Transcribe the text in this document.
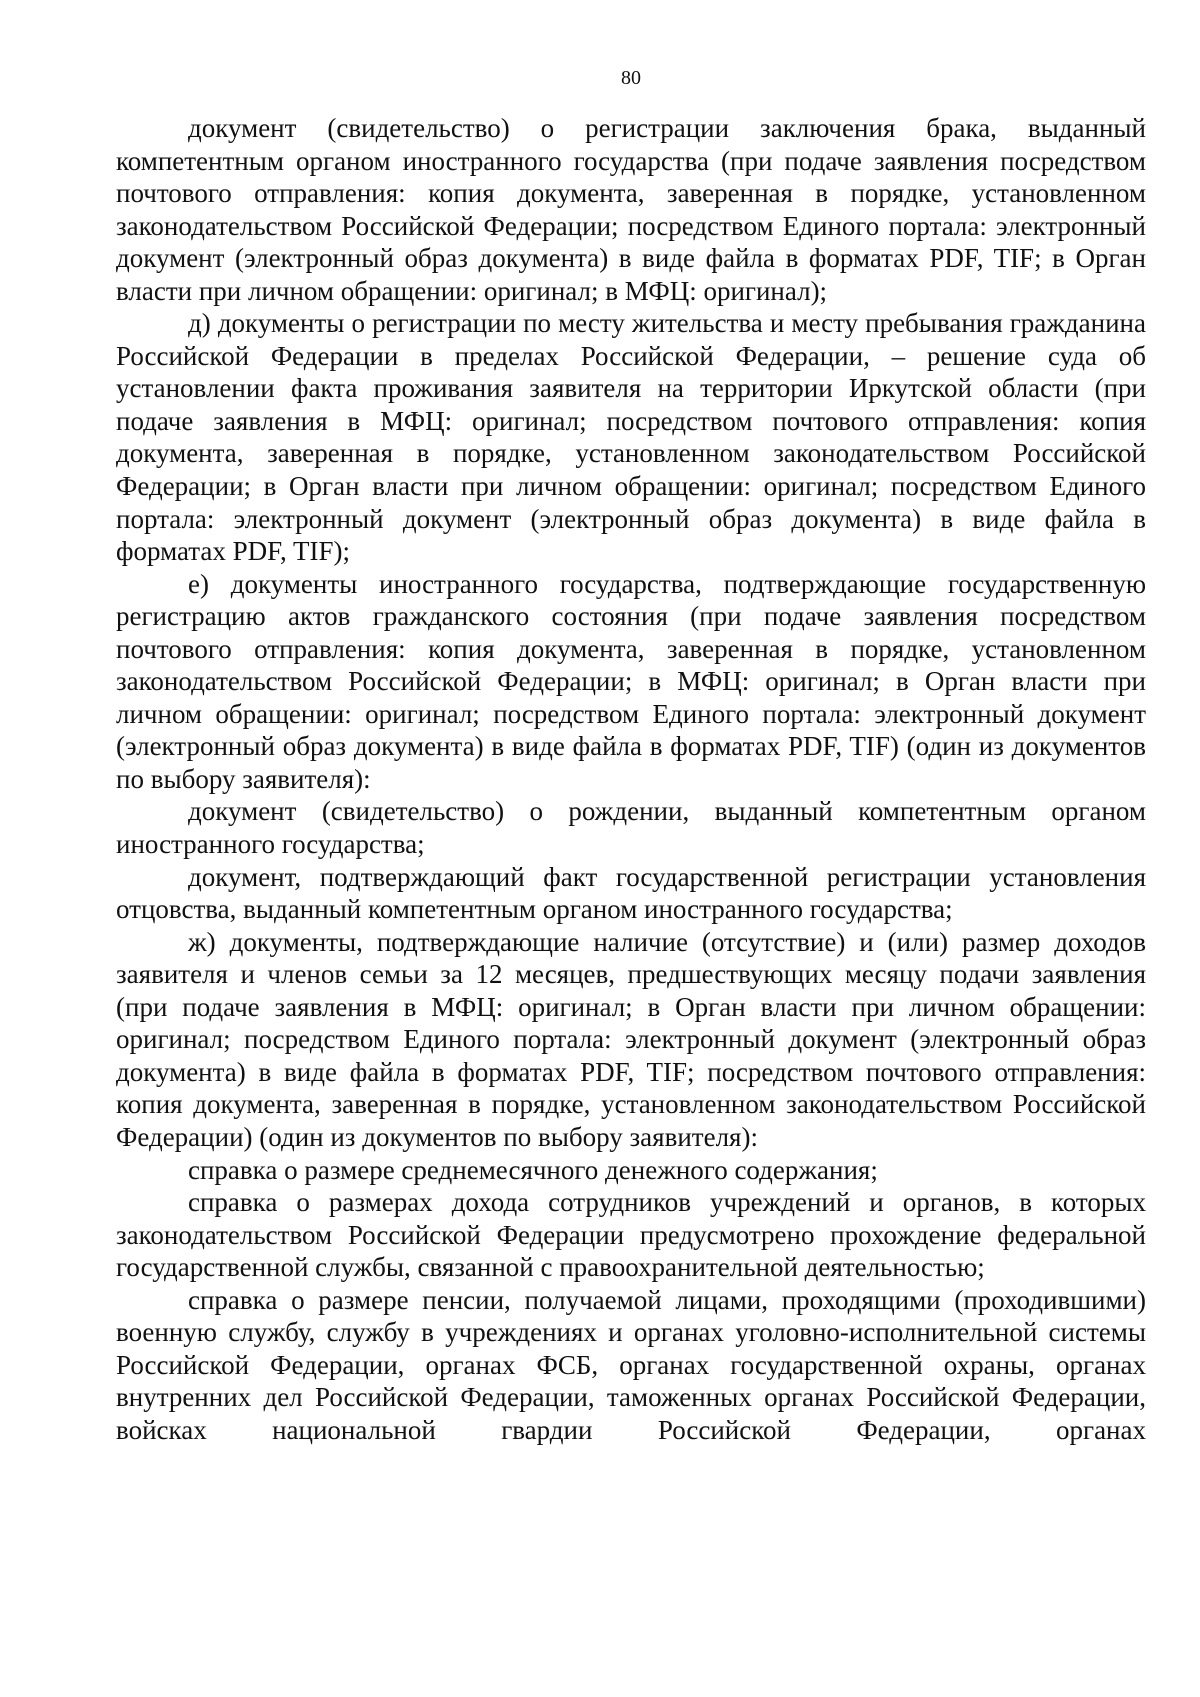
80

документ (свидетельство) о регистрации заключения брака, выданный компетентным органом иностранного государства (при подаче заявления посредством почтового отправления: копия документа, заверенная в порядке, установленном законодательством Российской Федерации; посредством Единого портала: электронный документ (электронный образ документа) в виде файла в форматах PDF, TIF; в Орган власти при личном обращении: оригинал; в МФЦ: оригинал);

д) документы о регистрации по месту жительства и месту пребывания гражданина Российской Федерации в пределах Российской Федерации, – решение суда об установлении факта проживания заявителя на территории Иркутской области (при подаче заявления в МФЦ: оригинал; посредством почтового отправления: копия документа, заверенная в порядке, установленном законодательством Российской Федерации; в Орган власти при личном обращении: оригинал; посредством Единого портала: электронный документ (электронный образ документа) в виде файла в форматах PDF, TIF);

е) документы иностранного государства, подтверждающие государственную регистрацию актов гражданского состояния (при подаче заявления посредством почтового отправления: копия документа, заверенная в порядке, установленном законодательством Российской Федерации; в МФЦ: оригинал; в Орган власти при личном обращении: оригинал; посредством Единого портала: электронный документ (электронный образ документа) в виде файла в форматах PDF, TIF) (один из документов по выбору заявителя):

документ (свидетельство) о рождении, выданный компетентным органом иностранного государства;

документ, подтверждающий факт государственной регистрации установления отцовства, выданный компетентным органом иностранного государства;

ж) документы, подтверждающие наличие (отсутствие) и (или) размер доходов заявителя и членов семьи за 12 месяцев, предшествующих месяцу подачи заявления (при подаче заявления в МФЦ: оригинал; в Орган власти при личном обращении: оригинал; посредством Единого портала: электронный документ (электронный образ документа) в виде файла в форматах PDF, TIF; посредством почтового отправления: копия документа, заверенная в порядке, установленном законодательством Российской Федерации) (один из документов по выбору заявителя):

справка о размере среднемесячного денежного содержания;

справка о размерах дохода сотрудников учреждений и органов, в которых законодательством Российской Федерации предусмотрено прохождение федеральной государственной службы, связанной с правоохранительной деятельностью;

справка о размере пенсии, получаемой лицами, проходящими (проходившими) военную службу, службу в учреждениях и органах уголовно-исполнительной системы Российской Федерации, органах ФСБ, органах государственной охраны, органах внутренних дел Российской Федерации, таможенных органах Российской Федерации, войсках национальной гвардии Российской Федерации, органах
